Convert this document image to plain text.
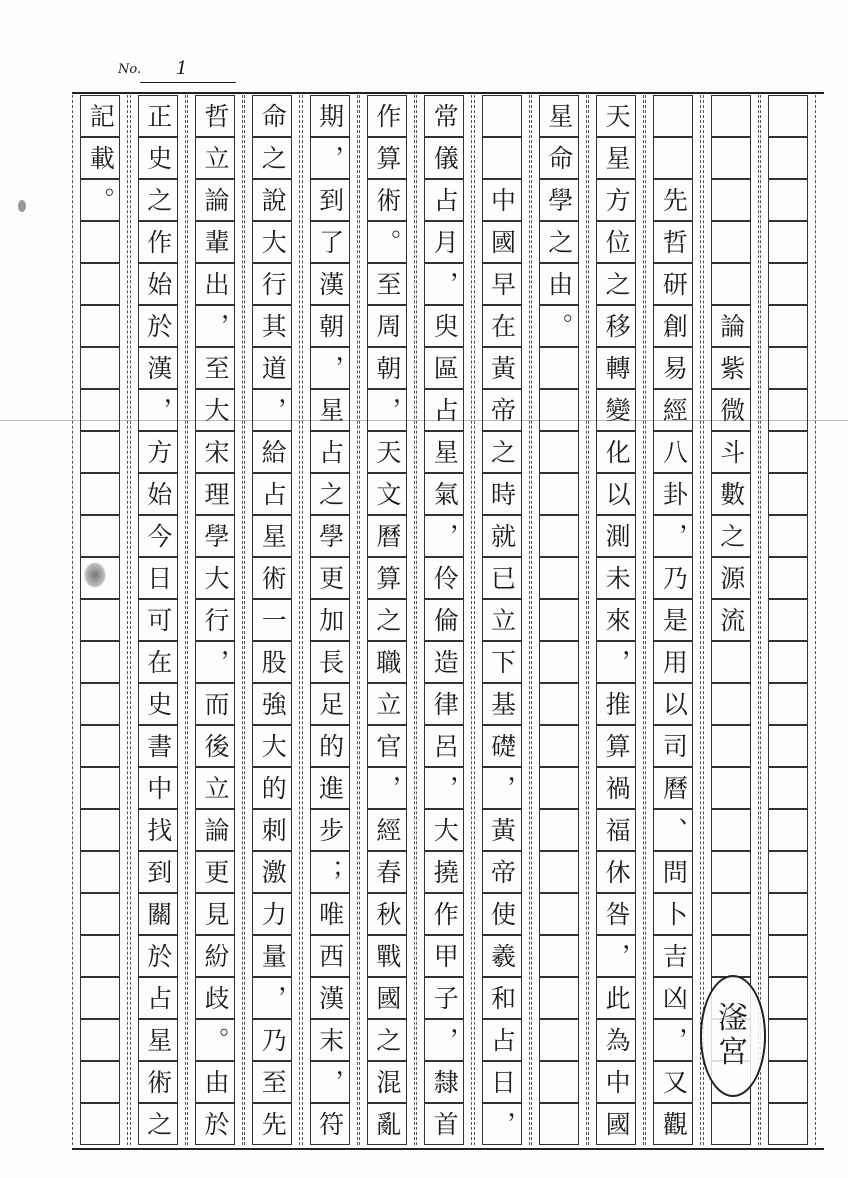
No. 1
　　　　　論紫微斗數之源流
　　先哲研創易經八卦，乃是用以司曆、問卜吉凶，又觀
天星方位之移轉變化以測未來，推算禍福休咎，此為中國
星命學之由。
　　中國早在黃帝之時就已立下基礎，黃帝使羲和占日，
常儀占月，臾區占星氣，伶倫造律呂，大撓作甲子，隸首
作算術。至周朝，天文曆算之職立官，經春秋戰國之混亂
期，到了漢朝，星占之學更加長足的進步；唯西漢末，符
命之說大行其道，給占星術一股強大的刺激力量，乃至先
哲立論輩出，至大宋理學大行，而後立論更見紛歧。由於
正史之作始於漢，方始今日可在史書中找到關於占星術之
記載。
滏
宮
